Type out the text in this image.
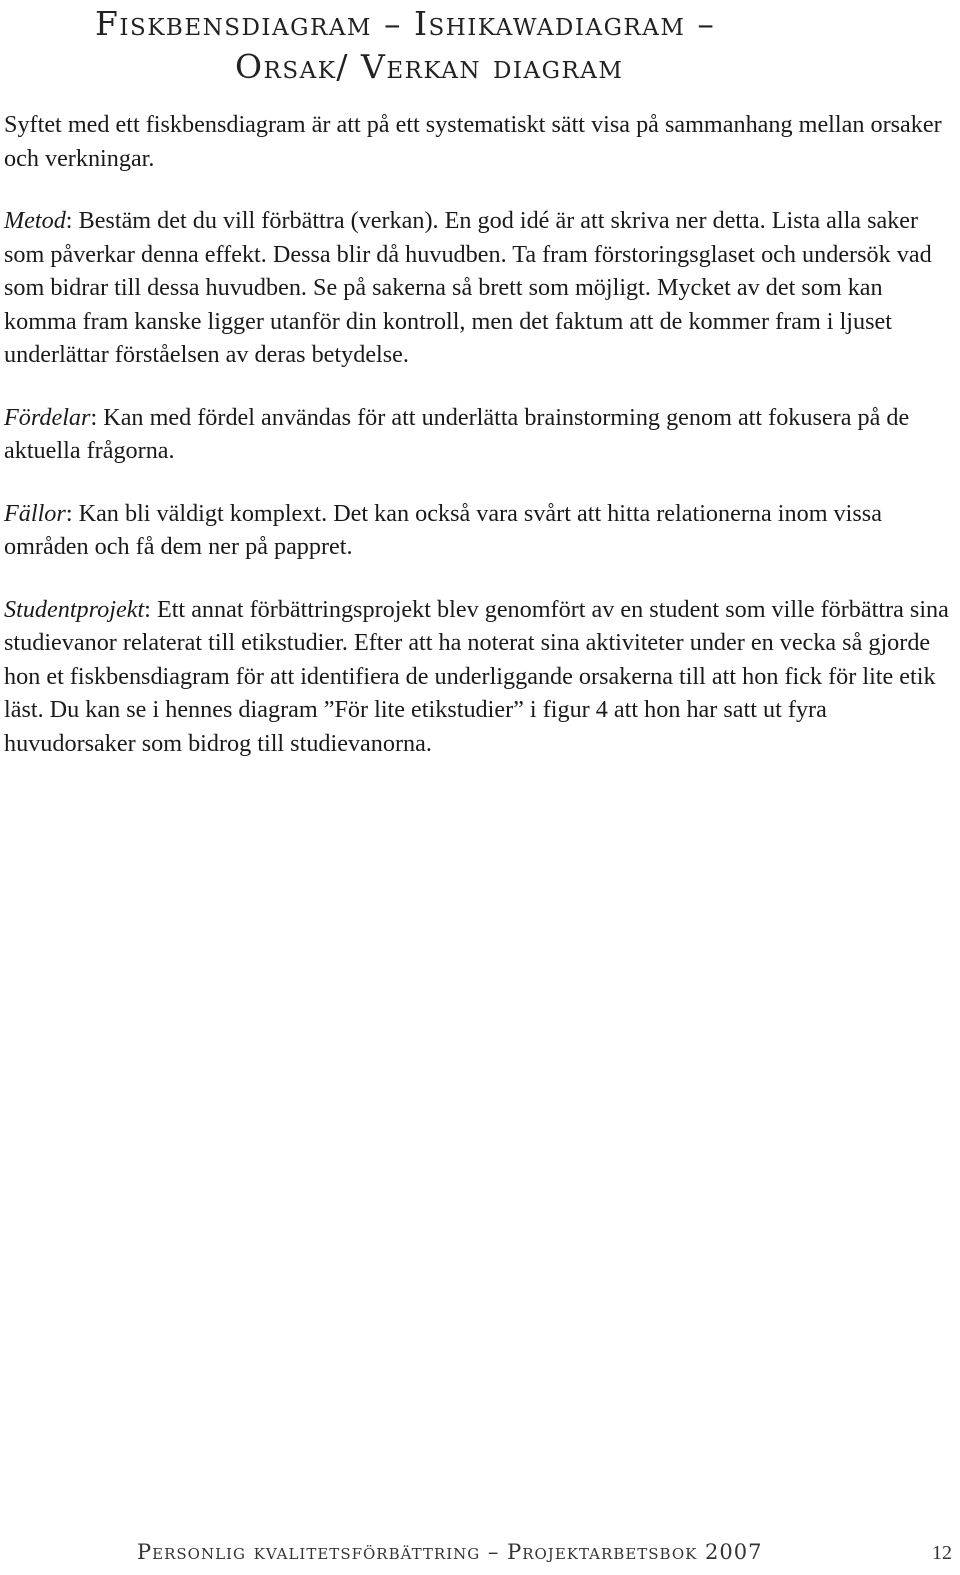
Fiskbensdiagram – Ishikawadiagram –
Orsak/ Verkan diagram

Syftet med ett fiskbensdiagram är att på ett systematiskt sätt visa på sammanhang mellan orsaker och verkningar.

Metod: Bestäm det du vill förbättra (verkan). En god idé är att skriva ner detta. Lista alla saker som påverkar denna effekt. Dessa blir då huvudben. Ta fram förstoringsglaset och undersök vad som bidrar till dessa huvudben. Se på sakerna så brett som möjligt. Mycket av det som kan komma fram kanske ligger utanför din kontroll, men det faktum att de kommer fram i ljuset underlättar förståelsen av deras betydelse.

Fördelar: Kan med fördel användas för att underlätta brainstorming genom att fokusera på de aktuella frågorna.

Fällor: Kan bli väldigt komplext. Det kan också vara svårt att hitta relationerna inom vissa områden och få dem ner på pappret.

Studentprojekt: Ett annat förbättringsprojekt blev genomfört av en student som ville förbättra sina studievanor relaterat till etikstudier. Efter att ha noterat sina aktiviteter under en vecka så gjorde hon et fiskbensdiagram för att identifiera de underliggande orsakerna till att hon fick för lite etik läst. Du kan se i hennes diagram ”För lite etikstudier” i figur 4 att hon har satt ut fyra huvudorsaker som bidrog till studievanorna.

Personlig kvalitetsförbättring – Projektarbetsbok 2007	12
